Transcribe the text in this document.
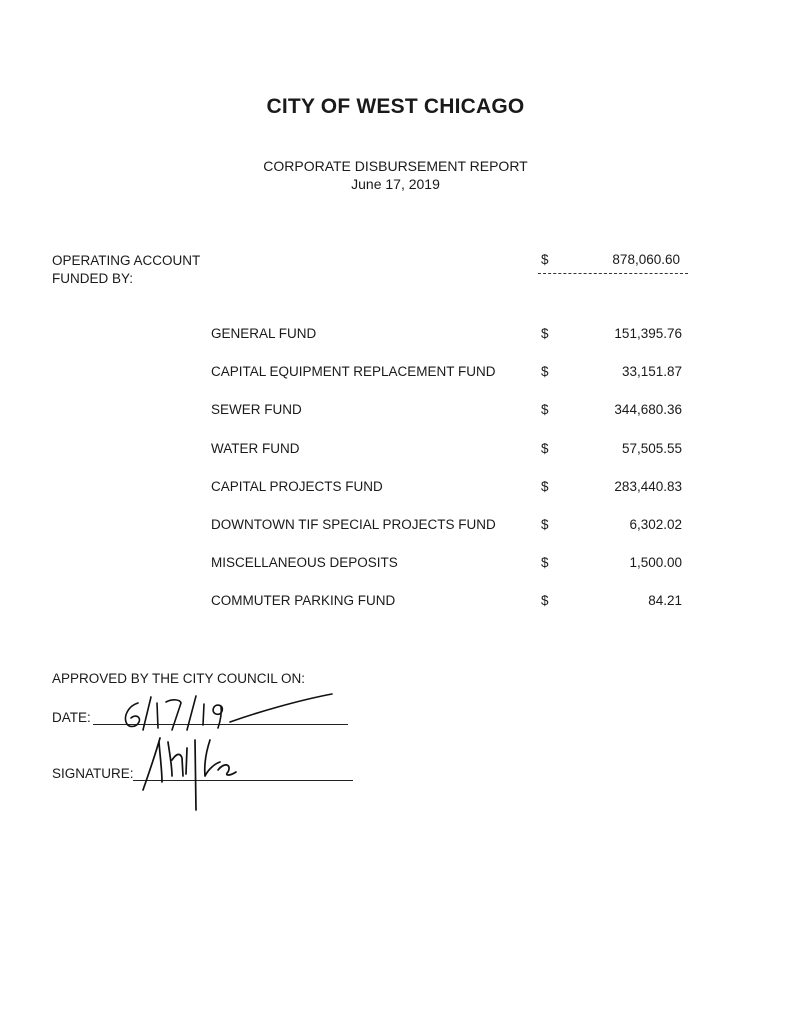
CITY OF WEST CHICAGO
CORPORATE DISBURSEMENT REPORT
June 17, 2019
OPERATING ACCOUNT
FUNDED BY:
$	878,060.60
GENERAL FUND	$	151,395.76
CAPITAL EQUIPMENT REPLACEMENT FUND	$	33,151.87
SEWER FUND	$	344,680.36
WATER FUND	$	57,505.55
CAPITAL PROJECTS FUND	$	283,440.83
DOWNTOWN TIF SPECIAL PROJECTS FUND	$	6,302.02
MISCELLANEOUS DEPOSITS	$	1,500.00
COMMUTER PARKING FUND	$	84.21
APPROVED BY THE CITY COUNCIL ON:
DATE:
SIGNATURE:
